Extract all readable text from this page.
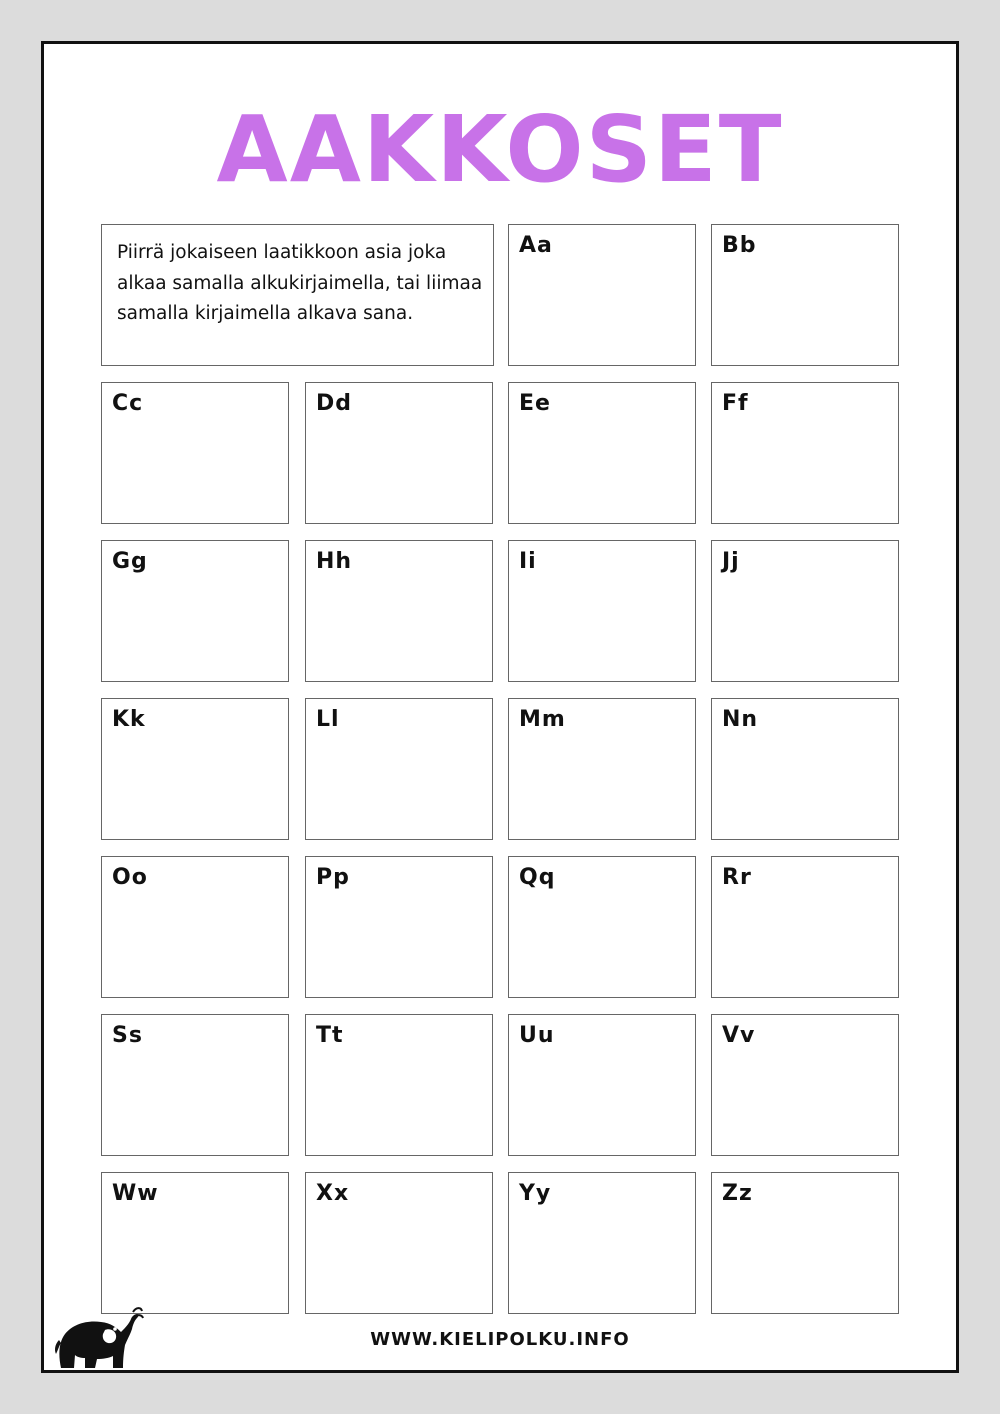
AAKKOSET
Piirrä jokaiseen laatikkoon asia joka alkaa samalla alkukirjaimella, tai liimaa samalla kirjaimella alkava sana.
Aa	Bb
Cc	Dd	Ee	Ff
Gg	Hh	Ii	Jj
Kk	Ll	Mm	Nn
Oo	Pp	Qq	Rr
Ss	Tt	Uu	Vv
Ww	Xx	Yy	Zz
WWW.KIELIPOLKU.INFO
